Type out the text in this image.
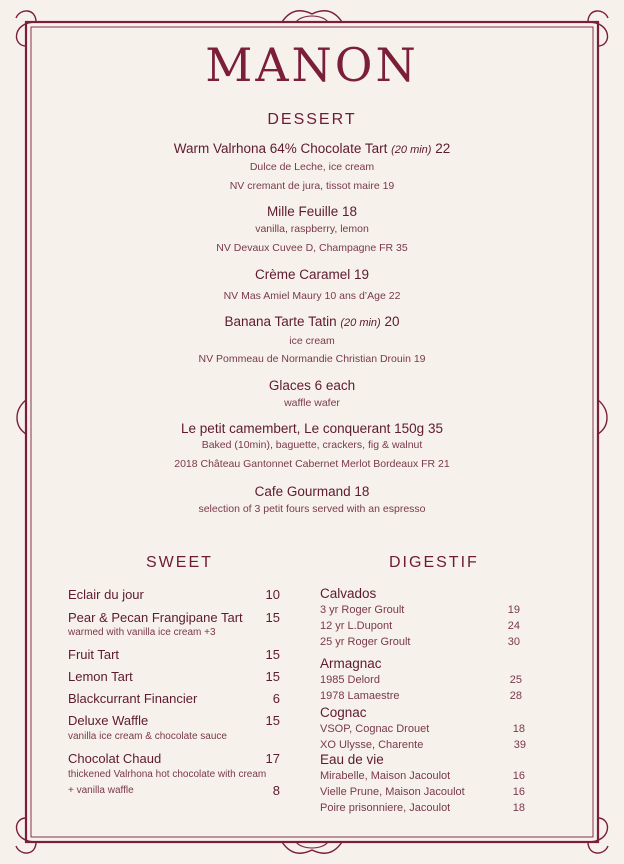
MANON
DESSERT
Warm Valrhona 64% Chocolate Tart (20 min) 22
Dulce de Leche, ice cream
NV cremant de jura, tissot maire 19
Mille Feuille 18
vanilla, raspberry, lemon
NV Devaux Cuvee D, Champagne FR 35
Crème Caramel 19
NV Mas Amiel Maury 10 ans d’Age 22
Banana Tarte Tatin (20 min) 20
ice cream
NV Pommeau de Normandie Christian Drouin 19
Glaces 6 each
waffle wafer
Le petit camembert, Le conquerant 150g 35
Baked (10min), baguette, crackers, fig & walnut
2018 Château Gantonnet Cabernet Merlot Bordeaux FR 21
Cafe Gourmand 18
selection of 3 petit fours served with an espresso
SWEET
Eclair du jour	10
Pear & Pecan Frangipane Tart	15
warmed with vanilla ice cream +3
Fruit Tart	15
Lemon Tart	15
Blackcurrant Financier	6
Deluxe Waffle	15
vanilla ice cream & chocolate sauce
Chocolat Chaud	17
thickened Valrhona hot chocolate with cream
+ vanilla waffle	8
DIGESTIF
Calvados
3 yr Roger Groult	19
12 yr L.Dupont	24
25 yr Roger Groult	30
Armagnac
1985 Delord	25
1978 Lamaestre	28
Cognac
VSOP, Cognac Drouet	18
XO Ulysse, Charente	39
Eau de vie
Mirabelle, Maison Jacoulot	16
Vielle Prune, Maison Jacoulot	16
Poire prisonniere, Jacoulot	18
